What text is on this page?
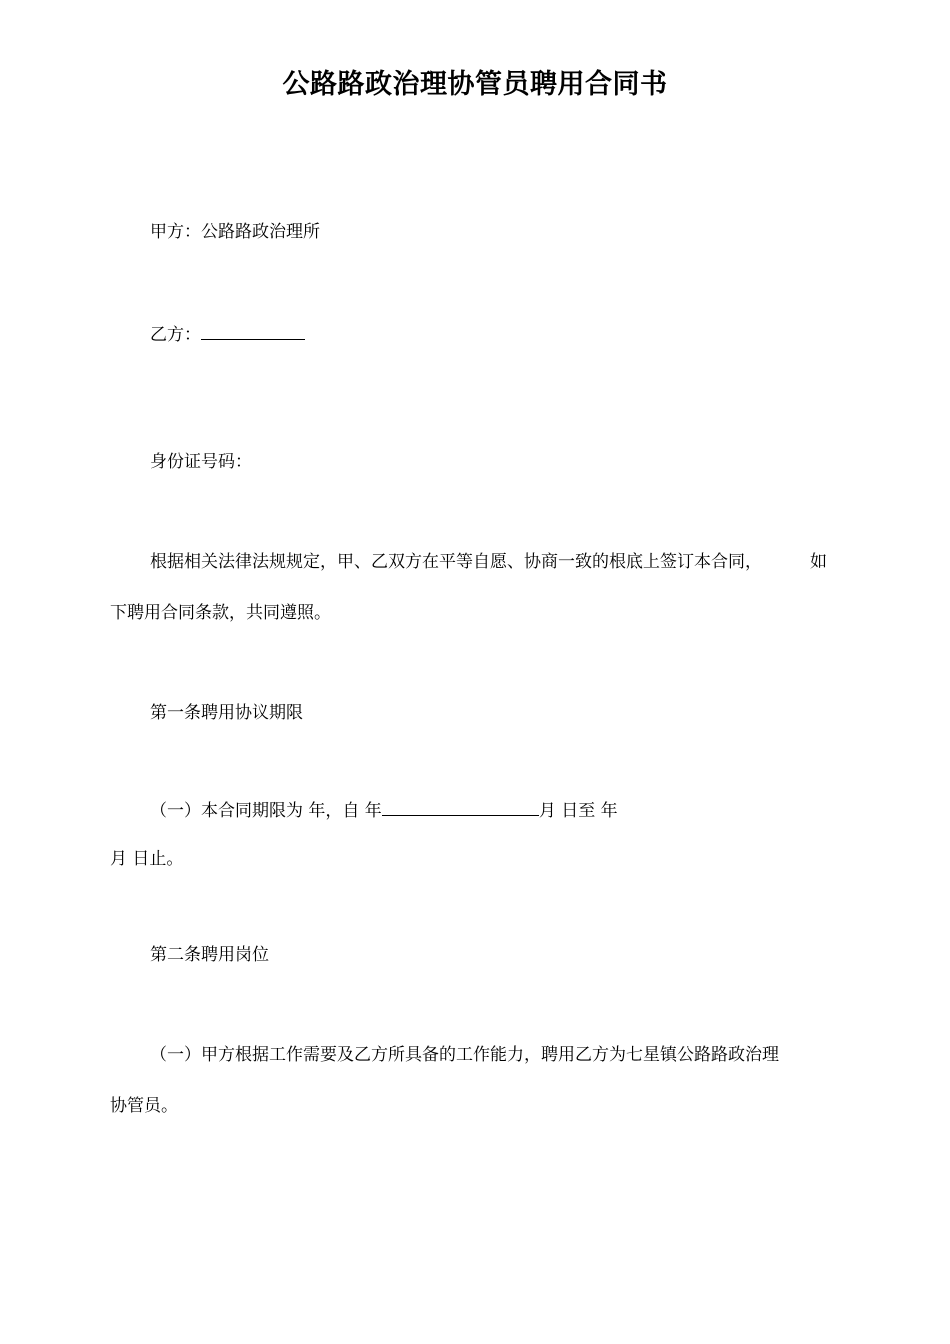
公路路政治理协管员聘用合同书
甲方：公路路政治理所
乙方：
身份证号码：
根据相关法律法规规定，甲、乙双方在平等自愿、协商一致的根底上签订本合同，	如
下聘用合同条款，共同遵照。
第一条聘用协议期限
（一）本合同期限为 年，自 年	月 日至 年
月 日止。
第二条聘用岗位
（一）甲方根据工作需要及乙方所具备的工作能力，聘用乙方为七星镇公路路政治理
协管员。
